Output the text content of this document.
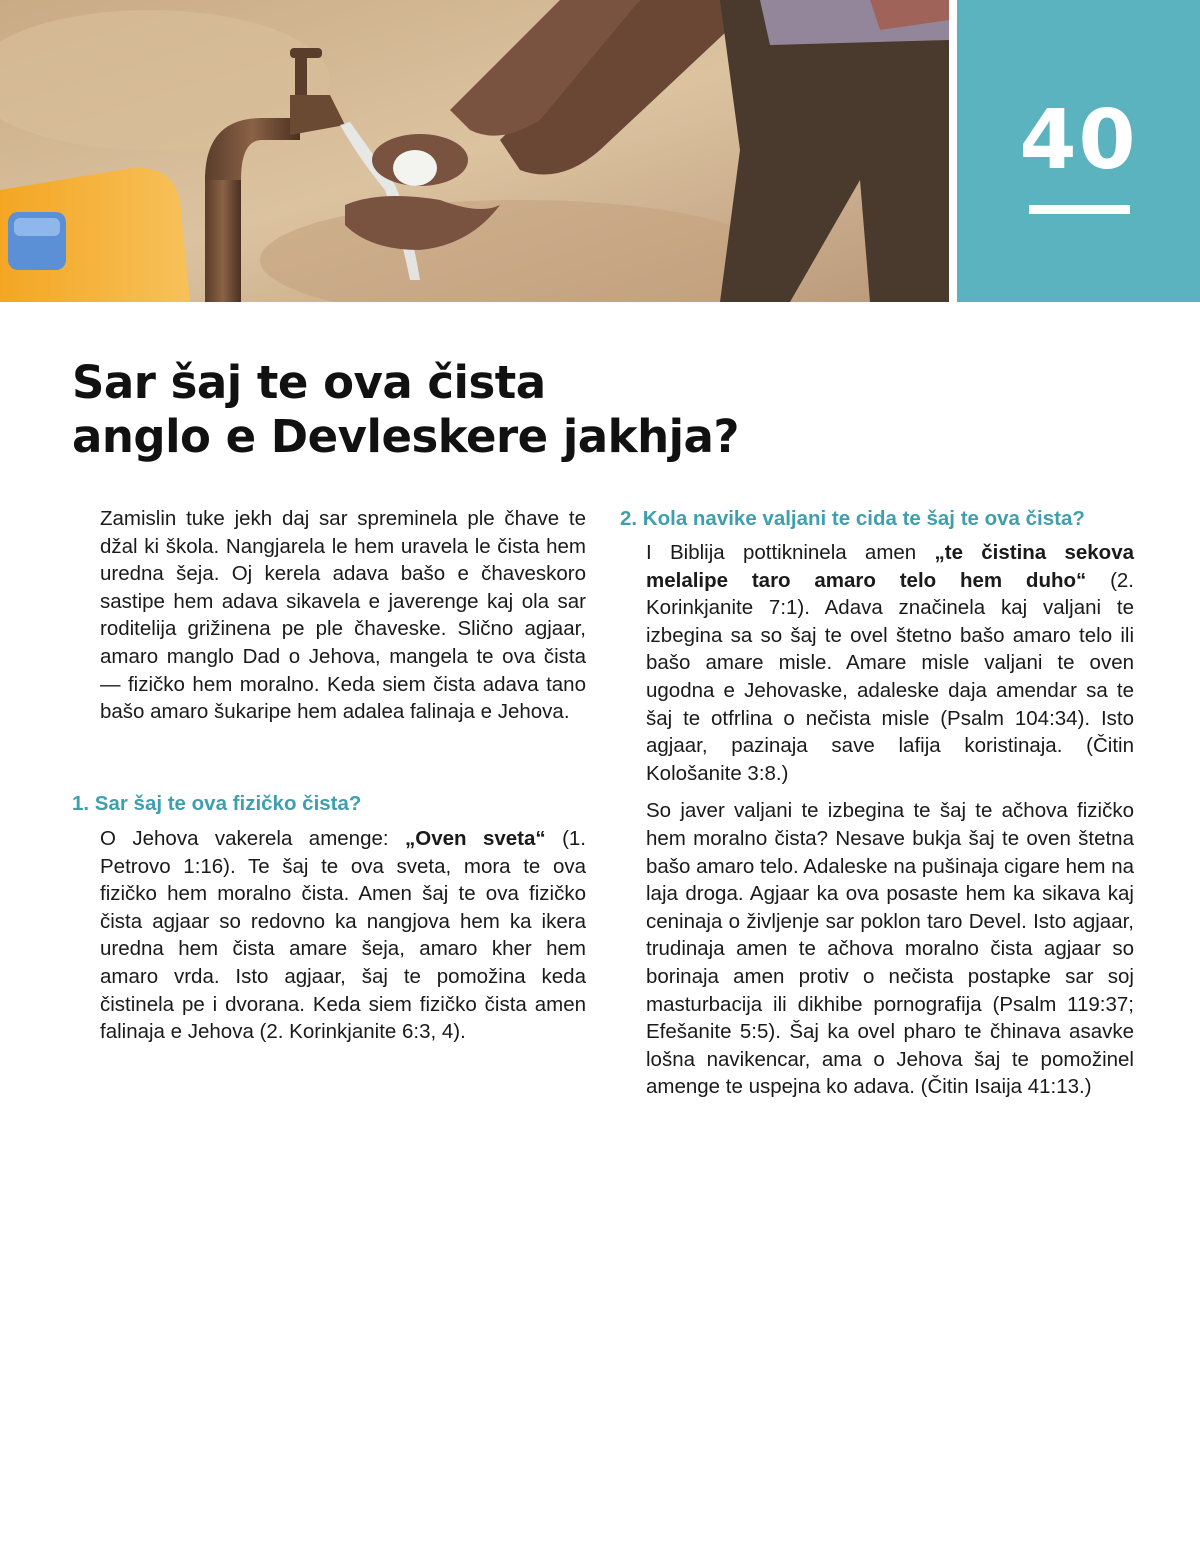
40
Sar šaj te ova čista
anglo e Devleskere jakhja?

Zamislin tuke jekh daj sar spreminela ple čhave te džal ki škola. Nangjarela le hem uravela le čista hem uredna šeja. Oj kerela adava bašo e čhaveskoro sastipe hem adava sikavela e javerenge kaj ola sar roditelija grižinena pe ple čhaveske. Slično agjaar, amaro manglo Dad o Jehova, mangela te ova čista — fizičko hem moralno. Keda siem čista adava tano bašo amaro šukaripe hem adalea falinaja e Jehova.

1. Sar šaj te ova fizičko čista?

O Jehova vakerela amenge: „Oven sveta“ (1. Petrovo 1:16). Te šaj te ova sveta, mora te ova fizičko hem moralno čista. Amen šaj te ova fizičko čista agjaar so redovno ka nangjova hem ka ikera uredna hem čista amare šeja, amaro kher hem amaro vrda. Isto agjaar, šaj te pomožina keda čistinela pe i dvorana. Keda siem fizičko čista amen falinaja e Jehova (2. Korinkjanite 6:3, 4).

2. Kola navike valjani te cida te šaj te ova čista?

I Biblija pottikninela amen „te čistina sekova melalipe taro amaro telo hem duho“ (2. Korinkjanite 7:1). Adava značinela kaj valjani te izbegina sa so šaj te ovel štetno bašo amaro telo ili bašo amare misle. Amare misle valjani te oven ugodna e Jehovaske, adaleske daja amendar sa te šaj te otfrlina o nečista misle (Psalm 104:34). Isto agjaar, pazinaja save lafija koristinaja. (Čitin Kološanite 3:8.)

So javer valjani te izbegina te šaj te ačhova fizičko hem moralno čista? Nesave bukja šaj te oven štetna bašo amaro telo. Adaleske na pušinaja cigare hem na laja droga. Agjaar ka ova posaste hem ka sikava kaj ceninaja o življenje sar poklon taro Devel. Isto agjaar, trudinaja amen te ačhova moralno čista agjaar so borinaja amen protiv o nečista postapke sar soj masturbacija ili dikhibe pornografija (Psalm 119:37; Efešanite 5:5). Šaj ka ovel pharo te čhinava asavke lošna navikencar, ama o Jehova šaj te pomožinel amenge te uspejna ko adava. (Čitin Isaija 41:13.)
